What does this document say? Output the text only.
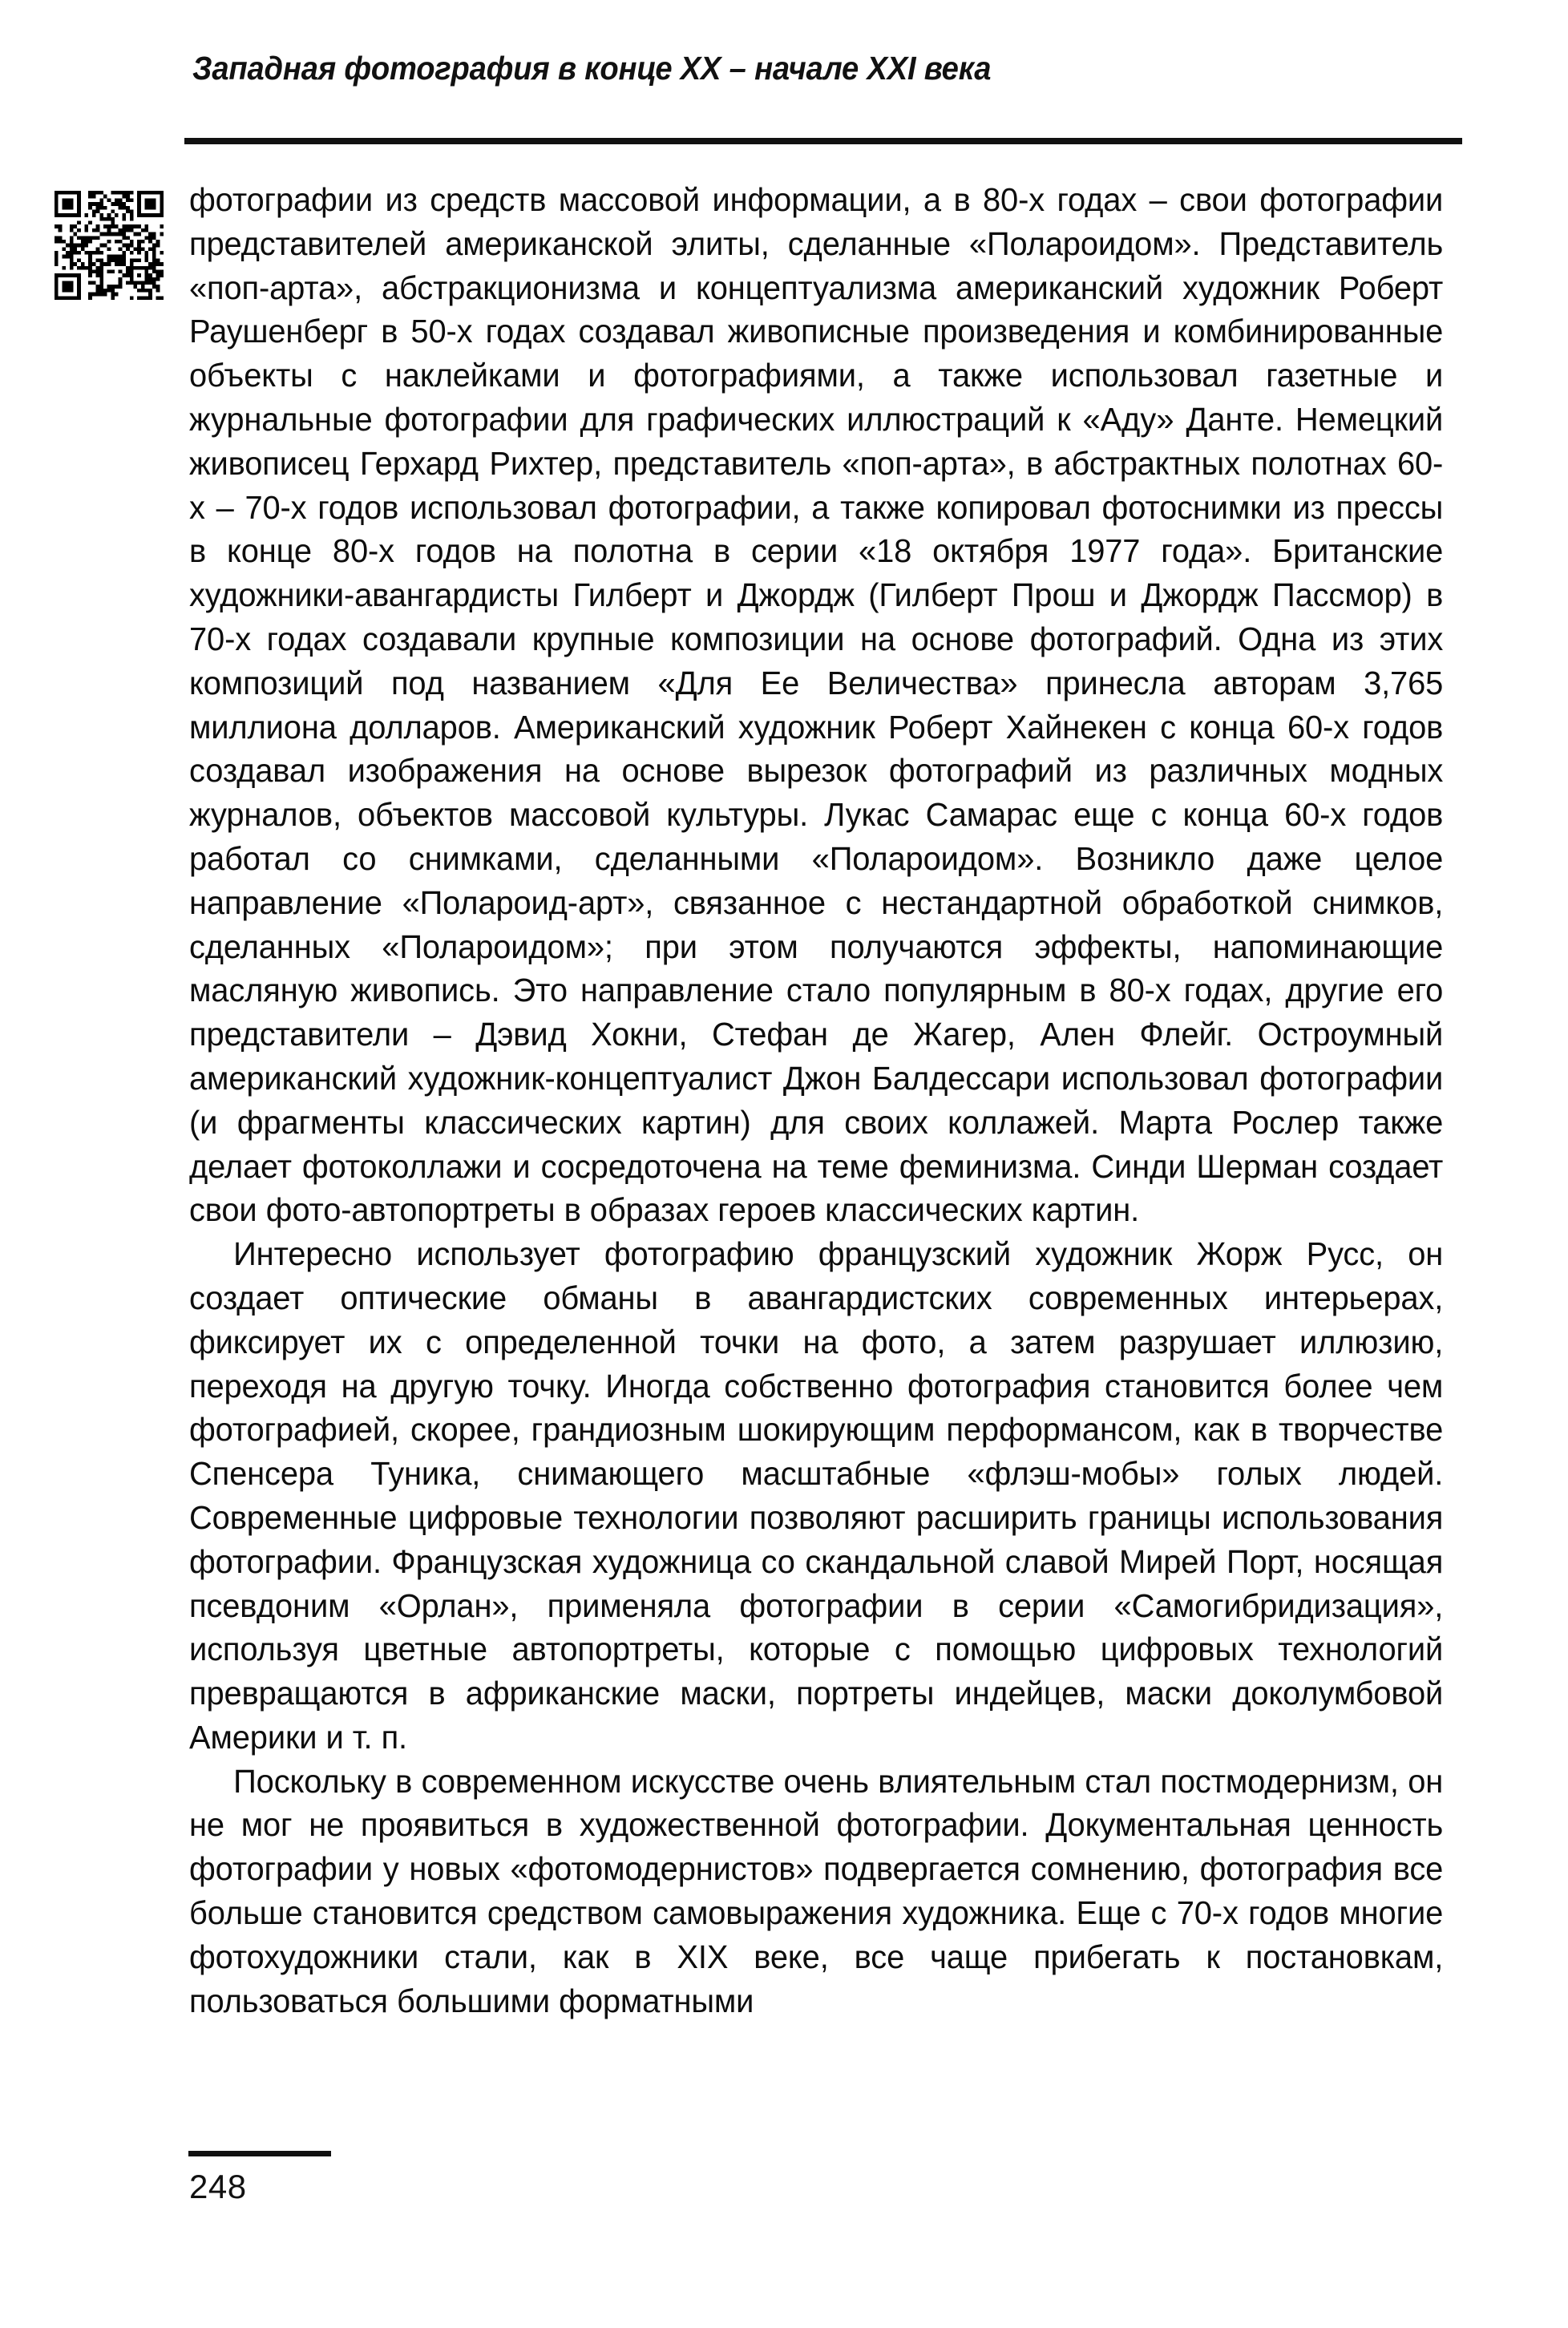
Западная фотография в конце XX – начале XXI века

фотографии из средств массовой информации, а в 80-х годах – свои фотографии представителей американской элиты, сделанные «Полароидом». Представитель «поп-арта», абстракционизма и концептуализма американский художник Роберт Раушенберг в 50-х годах создавал живописные произведения и комбинированные объекты с наклейками и фотографиями, а также использовал газетные и журнальные фотографии для графических иллюстраций к «Аду» Данте. Немецкий живописец Герхард Рихтер, представитель «поп-арта», в абстрактных полотнах 60-х – 70-х годов использовал фотографии, а также копировал фотоснимки из прессы в конце 80-х годов на полотна в серии «18 октября 1977 года». Британские художники-авангардисты Гилберт и Джордж (Гилберт Прош и Джордж Пассмор) в 70-х годах создавали крупные композиции на основе фотографий. Одна из этих композиций под названием «Для Ее Величества» принесла авторам 3,765 миллиона долларов. Американский художник Роберт Хайнекен с конца 60-х годов создавал изображения на основе вырезок фотографий из различных модных журналов, объектов массовой культуры. Лукас Самарас еще с конца 60-х годов работал со снимками, сделанными «Полароидом». Возникло даже целое направление «Полароид-арт», связанное с нестандартной обработкой снимков, сделанных «Полароидом»; при этом получаются эффекты, напоминающие масляную живопись. Это направление стало популярным в 80-х годах, другие его представители – Дэвид Хокни, Стефан де Жагер, Ален Флейг. Остроумный американский художник-концептуалист Джон Балдессари использовал фотографии (и фрагменты классических картин) для своих коллажей. Марта Рослер также делает фотоколлажи и сосредоточена на теме феминизма. Синди Шерман создает свои фото-автопортреты в образах героев классических картин.

Интересно использует фотографию французский художник Жорж Русс, он создает оптические обманы в авангардистских современных интерьерах, фиксирует их с определенной точки на фото, а затем разрушает иллюзию, переходя на другую точку. Иногда собственно фотография становится более чем фотографией, скорее, грандиозным шокирующим перформансом, как в творчестве Спенсера Туника, снимающего масштабные «флэш-мобы» голых людей. Современные цифровые технологии позволяют расширить границы использования фотографии. Французская художница со скандальной славой Мирей Порт, носящая псевдоним «Орлан», применяла фотографии в серии «Самогибридизация», используя цветные автопортреты, которые с помощью цифровых технологий превращаются в африканские маски, портреты индейцев, маски доколумбовой Америки и т. п.

Поскольку в современном искусстве очень влиятельным стал постмодернизм, он не мог не проявиться в художественной фотографии. Документальная ценность фотографии у новых «фотомодернистов» подвергается сомнению, фотография все больше становится средством самовыражения художника. Еще с 70-х годов многие фотохудожники стали, как в XIX веке, все чаще прибегать к постановкам, пользоваться большими форматными

248
